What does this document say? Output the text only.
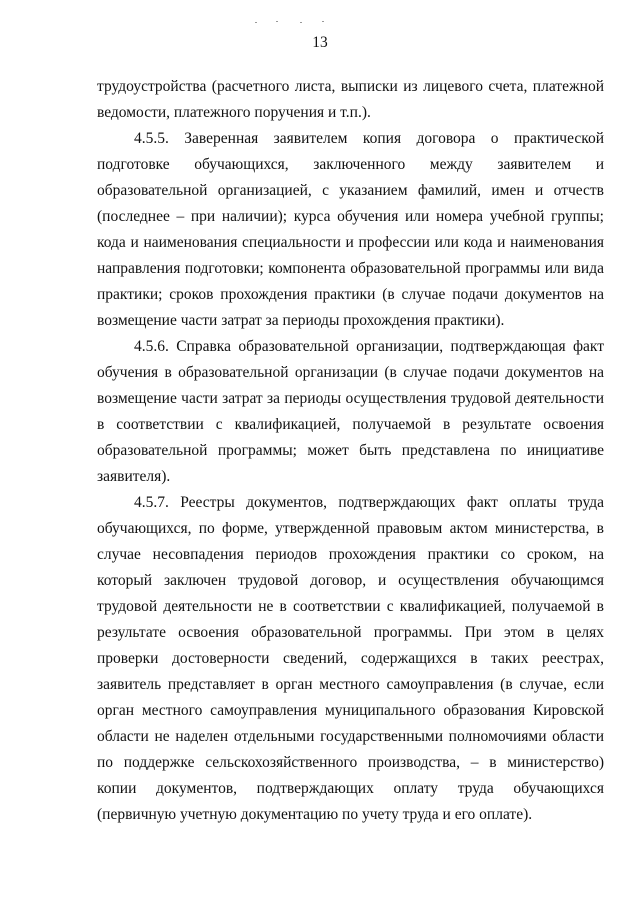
13

трудоустройства (расчетного листа, выписки из лицевого счета, платежной ведомости, платежного поручения и т.п.).

4.5.5. Заверенная заявителем копия договора о практической подготовке обучающихся, заключенного между заявителем и образовательной организацией, с указанием фамилий, имен и отчеств (последнее – при наличии); курса обучения или номера учебной группы; кода и наименования специальности и профессии или кода и наименования направления подготовки; компонента образовательной программы или вида практики; сроков прохождения практики (в случае подачи документов на возмещение части затрат за периоды прохождения практики).

4.5.6. Справка образовательной организации, подтверждающая факт обучения в образовательной организации (в случае подачи документов на возмещение части затрат за периоды осуществления трудовой деятельности в соответствии с квалификацией, получаемой в результате освоения образовательной программы; может быть представлена по инициативе заявителя).

4.5.7. Реестры документов, подтверждающих факт оплаты труда обучающихся, по форме, утвержденной правовым актом министерства, в случае несовпадения периодов прохождения практики со сроком, на который заключен трудовой договор, и осуществления обучающимся трудовой деятельности не в соответствии с квалификацией, получаемой в результате освоения образовательной программы. При этом в целях проверки достоверности сведений, содержащихся в таких реестрах, заявитель представляет в орган местного самоуправления (в случае, если орган местного самоуправления муниципального образования Кировской области не наделен отдельными государственными полномочиями области по поддержке сельскохозяйственного производства, – в министерство) копии документов, подтверждающих оплату труда обучающихся (первичную учетную документацию по учету труда и его оплате).
